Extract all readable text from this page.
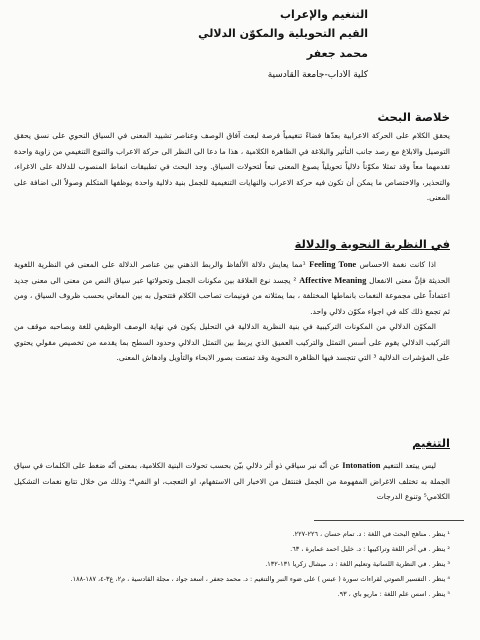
التنغيم والإعراب
القيم التحويلية والمكوّن الدلالي
محمد جعفر
كلية الاداب-جامعة القادسية
خلاصة البحث

يحقق الكلام على الحركة الاعرابية بعدّها فضاءً تنغيمياً فرصة لبعث آفاق الوصف وعناصر تشييد المعنى في السياق النحوي على نسق يحقق التوصيل والابلاغ مع رصد جانب التأثير والبلاغة في الظاهرة الكلامية ، هذا ما دعا الى النظر الى حركة الاعراب والتنوع التنغيمي من زاوية واحدة تقدمهما معاً وقد تمثلا مكوّناً دلالياً تحويلياً يصوغ المعنى تبعاً لتحولات السياق. وجد البحث في تطبيقات انماط المنصوب للدلالة على الاغراء، والتحذير، والاختصاص ما يمكن أن تكون فيه حركة الاعراب والنهايات التنغيمية للجمل بنية دلالية واحدة يوظفها المتكلم وصولاً الى اضافة على المعنى.

في النظرية النحوية والدلالة

اذا كانت نغمة الاحساس Feeling Tone ¹مما يعايش دلالة الألفاظ والربط الذهني بين عناصر الدلالة على المعنى في النظرية اللغوية الحديثة فإنَّ معنى الانفعال Affective Meaning ² يجسد نوع العلاقة بين مكونات الجمل وتحولاتها عبر سياق النص من معنى الى معنى جديد اعتماداً على مجموعة النغمات بانماطها المختلفة ، بما يمثلانه من فونيمات تصاحب الكلام فتتحول به بين المعاني بحسب ظروف السياق ، ومن ثم تجمع ذلك كله في اجواء مكوّن دلالي واحد.

المكوّن الدلالي من المكونات التركيبية في بنية النظرية الدلالية في التحليل يكون في نهاية الوصف الوظيفي للغة وبصاحبه موقف من التركيب الدلالي يقوم على أسس التمثل والتركيب العميق الذي يربط بين التمثل الدلالي وحدود السطح بما يقدمه من تخصيص مقولي يحتوي على المؤشرات الدلالية ³ التي تتجسد فيها الظاهرة النحوية وقد تمتعت بصور الابحاء والتأويل وادهاش المعنى.

التنغيم

ليس يبتعد التنغيم Intonation عن أنّه نبر سياقي ذو أثر دلالي بيّن بحسب تحولات البنية الكلامية، بمعنى أنّه ضغط على الكلمات في سياق الجملة به تختلف الاغراض المفهومة من الجمل فتنتقل من الاخبار الى الاستفهام، او التعجب، او النفي⁴؛ وذلك من خلال تتابع نغمات التشكيل الكلامي⁵ وتنوع الدرجات

¹ ينظر . مناهج البحث في اللغة : د. تمام حسان ، ٢٢٦-٢٢٧.
² ينظر . في آخر اللغة وتراكيبها : د. خليل احمد عمايرة ، ٦٣.
³ ينظر . في النظرية اللسانية وتعليم اللغة : د. ميشال زكريا ١٣١-١٣٢.
⁴ ينظر . التفسير الصوتي لقراءات سورة ( عبس ) على ضوء النبر والتنغيم : د. محمد جعفر ، اسعد جواد ، مجلة القادسية ، م٢، ع٣-٤، ١٨٧-١٨٨.
⁵ ينظر . اسس علم اللغة : ماريو باي ، ٩٣.
